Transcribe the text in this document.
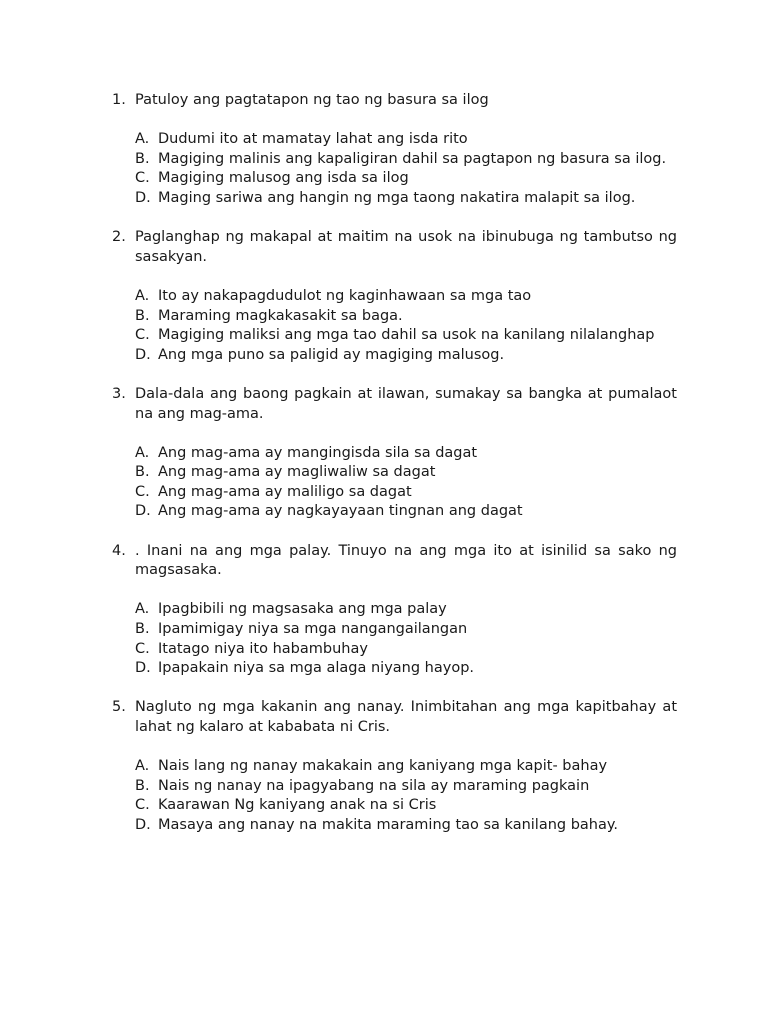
1. Patuloy ang pagtatapon ng tao ng basura sa ilog
A. Dudumi ito at mamatay lahat ang isda rito
B. Magiging malinis ang kapaligiran dahil sa pagtapon ng basura sa ilog.
C. Magiging malusog ang isda sa ilog
D. Maging sariwa ang hangin ng mga taong nakatira malapit sa ilog.
2. Paglanghap ng makapal at maitim na usok na ibinubuga ng tambutso ng sasakyan.
A. Ito ay nakapagdudulot ng kaginhawaan sa mga tao
B. Maraming magkakasakit sa baga.
C. Magiging maliksi ang mga tao dahil sa usok na kanilang nilalanghap
D. Ang mga puno sa paligid ay magiging malusog.
3. Dala-dala ang baong pagkain at ilawan, sumakay sa bangka at pumalaot na ang mag-ama.
A. Ang mag-ama ay mangingisda sila sa dagat
B. Ang mag-ama ay magliwaliw sa dagat
C. Ang mag-ama ay maliligo sa dagat
D. Ang mag-ama ay nagkayayaan tingnan ang dagat
4. . Inani na ang mga palay. Tinuyo na ang mga ito at isinilid sa sako ng magsasaka.
A. Ipagbibili ng magsasaka ang mga palay
B. Ipamimigay niya sa mga nangangailangan
C. Itatago niya ito habambuhay
D. Ipapakain niya sa mga alaga niyang hayop.
5. Nagluto ng mga kakanin ang nanay. Inimbitahan ang mga kapitbahay at lahat ng kalaro at kababata ni Cris.
A. Nais lang ng nanay makakain ang kaniyang mga kapit- bahay
B. Nais ng nanay na ipagyabang na sila ay maraming pagkain
C. Kaarawan Ng kaniyang anak na si Cris
D. Masaya ang nanay na makita maraming tao sa kanilang bahay.
